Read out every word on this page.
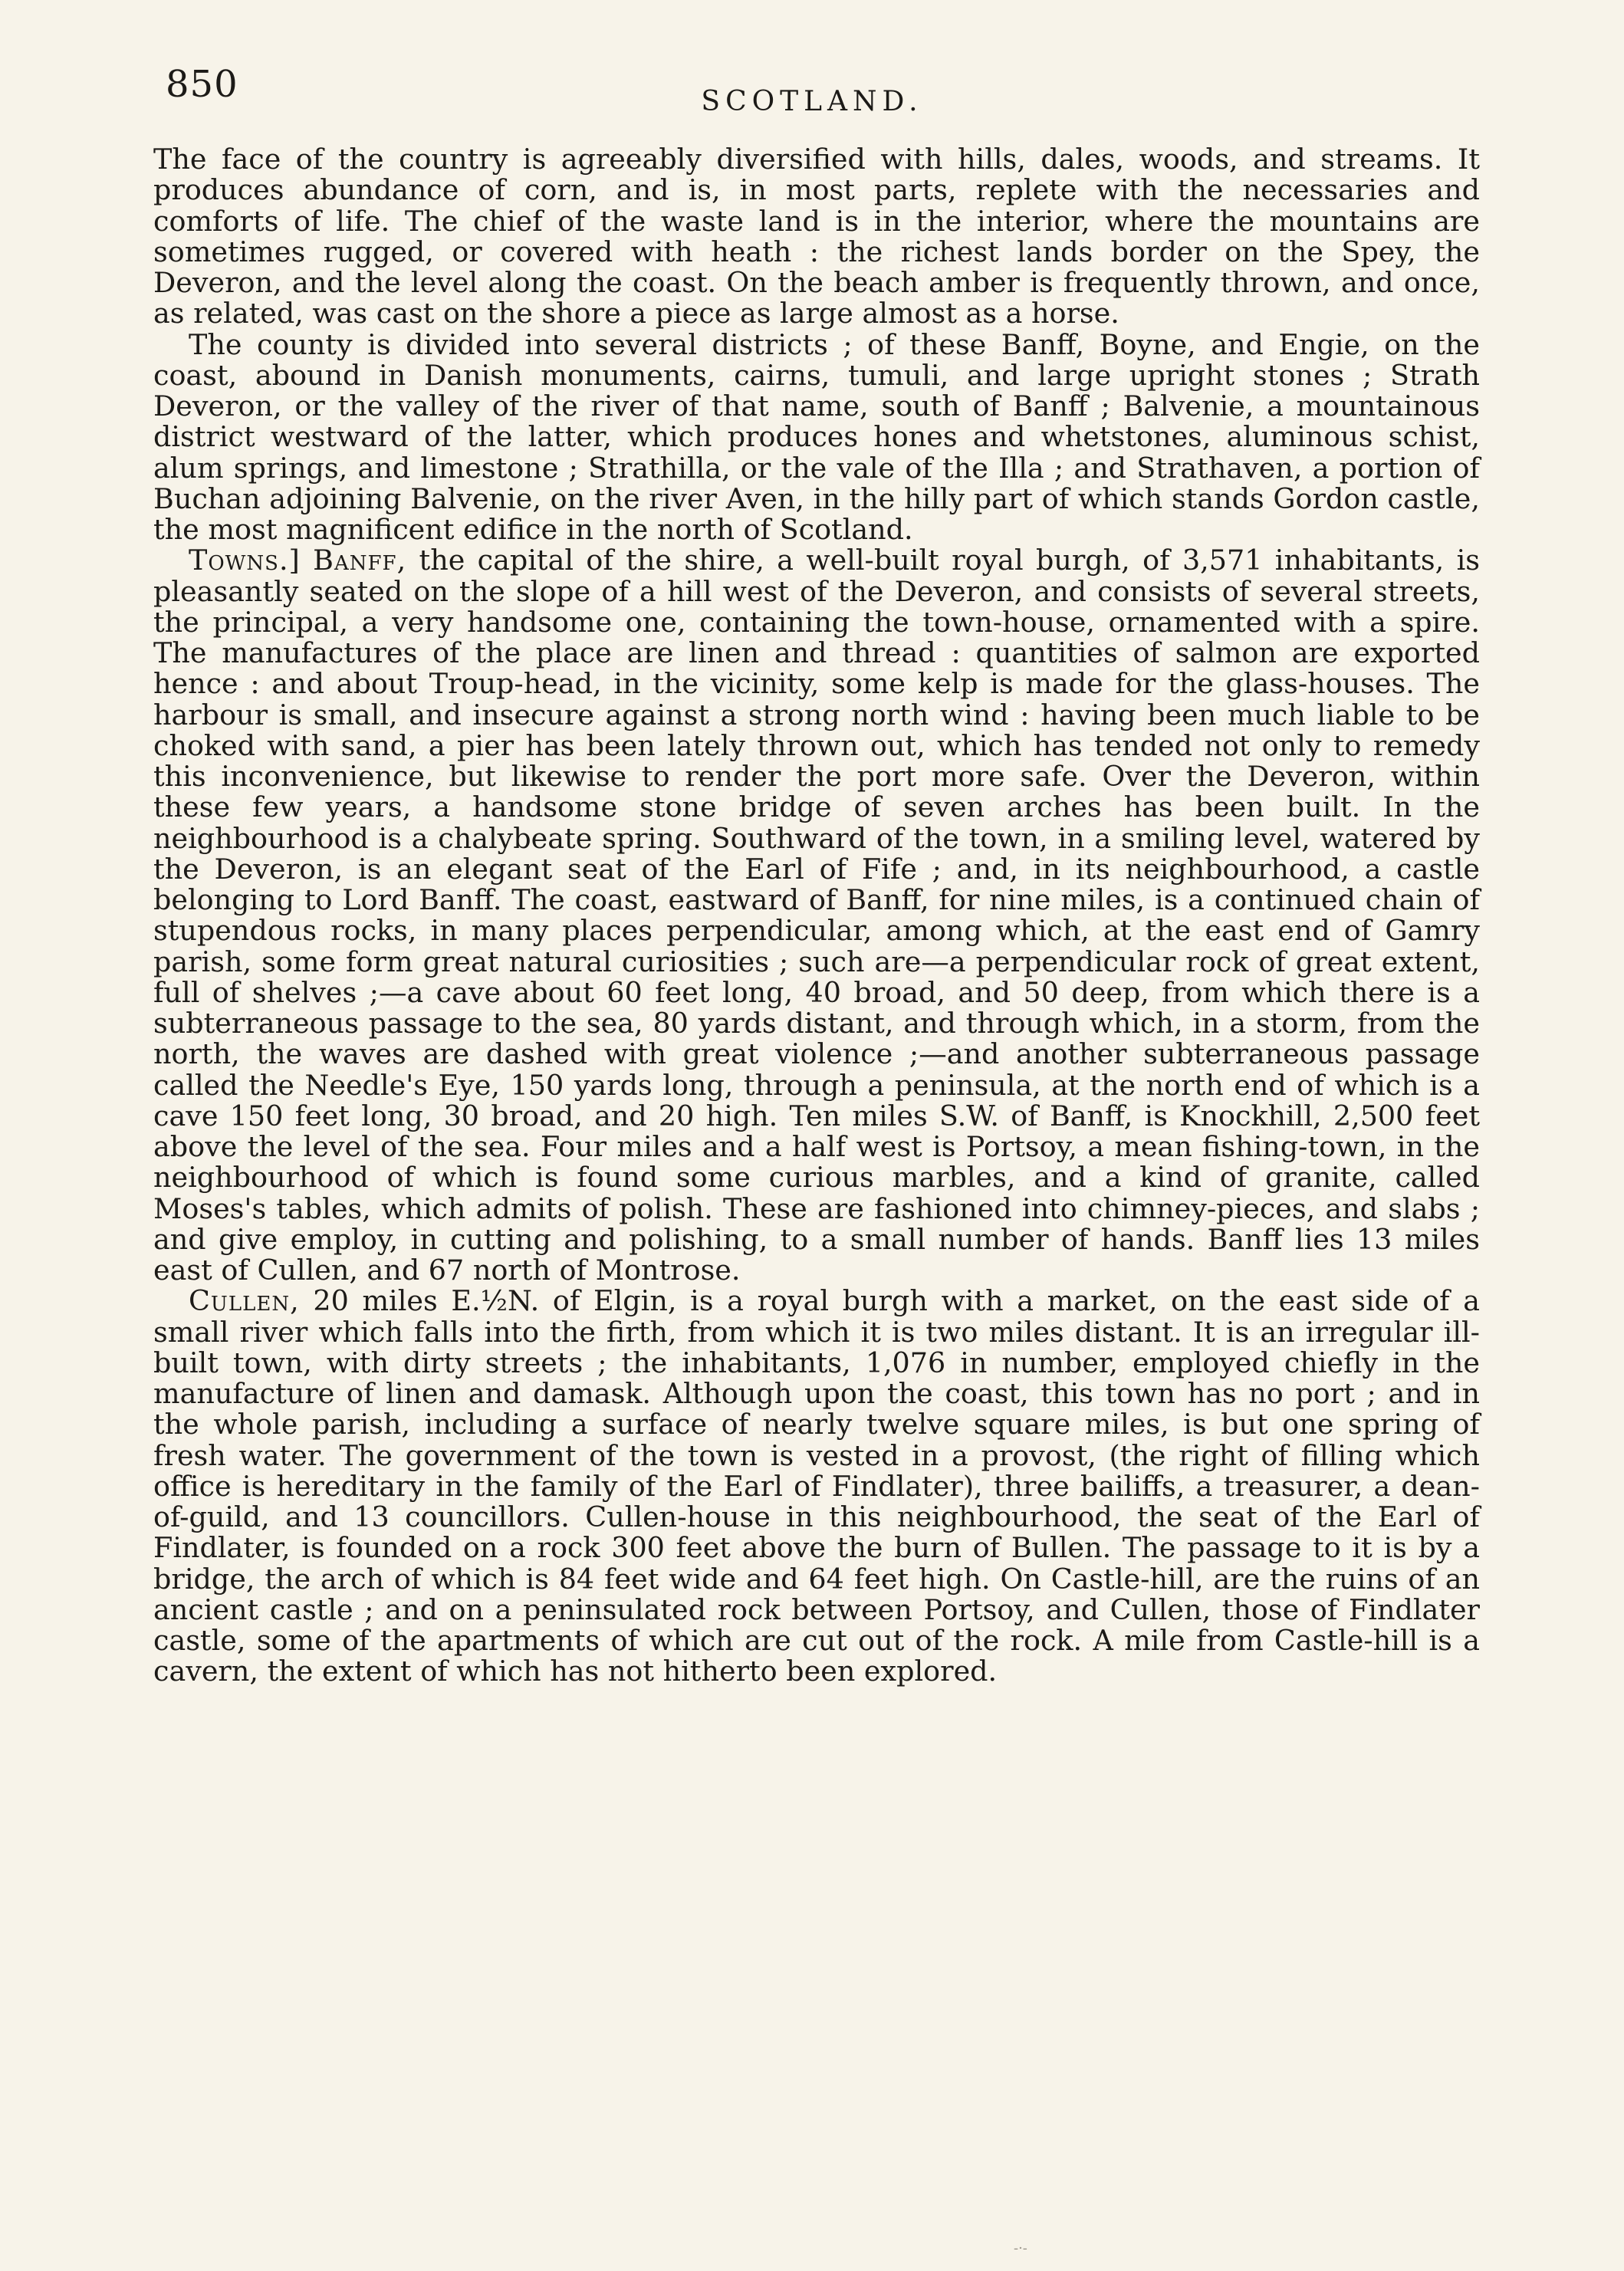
850	SCOTLAND.

The face of the country is agreeably diversified with hills, dales, woods, and streams. It produces abundance of corn, and is, in most parts, replete with the necessaries and comforts of life. The chief of the waste land is in the interior, where the mountains are sometimes rugged, or covered with heath : the richest lands border on the Spey, the Deveron, and the level along the coast. On the beach amber is frequently thrown, and once, as related, was cast on the shore a piece as large almost as a horse.

The county is divided into several districts ; of these Banff, Boyne, and Engie, on the coast, abound in Danish monuments, cairns, tumuli, and large upright stones ; Strath Deveron, or the valley of the river of that name, south of Banff ; Balvenie, a mountainous district westward of the latter, which produces hones and whetstones, aluminous schist, alum springs, and limestone ; Strathilla, or the vale of the Illa ; and Strathaven, a portion of Buchan adjoining Balvenie, on the river Aven, in the hilly part of which stands Gordon castle, the most magnificent edifice in the north of Scotland.

Towns.] Banff, the capital of the shire, a well-built royal burgh, of 3,571 inhabitants, is pleasantly seated on the slope of a hill west of the Deveron, and consists of several streets, the principal, a very handsome one, containing the town-house, ornamented with a spire. The manufactures of the place are linen and thread : quantities of salmon are exported hence : and about Troup-head, in the vicinity, some kelp is made for the glass-houses. The harbour is small, and insecure against a strong north wind : having been much liable to be choked with sand, a pier has been lately thrown out, which has tended not only to remedy this inconvenience, but likewise to render the port more safe. Over the Deveron, within these few years, a handsome stone bridge of seven arches has been built. In the neighbourhood is a chalybeate spring. Southward of the town, in a smiling level, watered by the Deveron, is an elegant seat of the Earl of Fife ; and, in its neighbourhood, a castle belonging to Lord Banff. The coast, eastward of Banff, for nine miles, is a continued chain of stupendous rocks, in many places perpendicular, among which, at the east end of Gamry parish, some form great natural curiosities ; such are—a perpendicular rock of great extent, full of shelves ;—a cave about 60 feet long, 40 broad, and 50 deep, from which there is a subterraneous passage to the sea, 80 yards distant, and through which, in a storm, from the north, the waves are dashed with great violence ;—and another subterraneous passage called the Needle's Eye, 150 yards long, through a peninsula, at the north end of which is a cave 150 feet long, 30 broad, and 20 high. Ten miles S.W. of Banff, is Knockhill, 2,500 feet above the level of the sea. Four miles and a half west is Portsoy, a mean fishing-town, in the neighbourhood of which is found some curious marbles, and a kind of granite, called Moses's tables, which admits of polish. These are fashioned into chimney-pieces, and slabs ; and give employ, in cutting and polishing, to a small number of hands. Banff lies 13 miles east of Cullen, and 67 north of Montrose.

Cullen, 20 miles E.½N. of Elgin, is a royal burgh with a market, on the east side of a small river which falls into the firth, from which it is two miles distant. It is an irregular ill-built town, with dirty streets ; the inhabitants, 1,076 in number, employed chiefly in the manufacture of linen and damask. Although upon the coast, this town has no port ; and in the whole parish, including a surface of nearly twelve square miles, is but one spring of fresh water. The government of the town is vested in a provost, (the right of filling which office is hereditary in the family of the Earl of Findlater), three bailiffs, a treasurer, a dean-of-guild, and 13 councillors. Cullen-house in this neighbourhood, the seat of the Earl of Findlater, is founded on a rock 300 feet above the burn of Bullen. The passage to it is by a bridge, the arch of which is 84 feet wide and 64 feet high. On Castle-hill, are the ruins of an ancient castle ; and on a peninsulated rock between Portsoy, and Cullen, those of Findlater castle, some of the apartments of which are cut out of the rock. A mile from Castle-hill is a cavern, the extent of which has not hitherto been explored.

-·-
